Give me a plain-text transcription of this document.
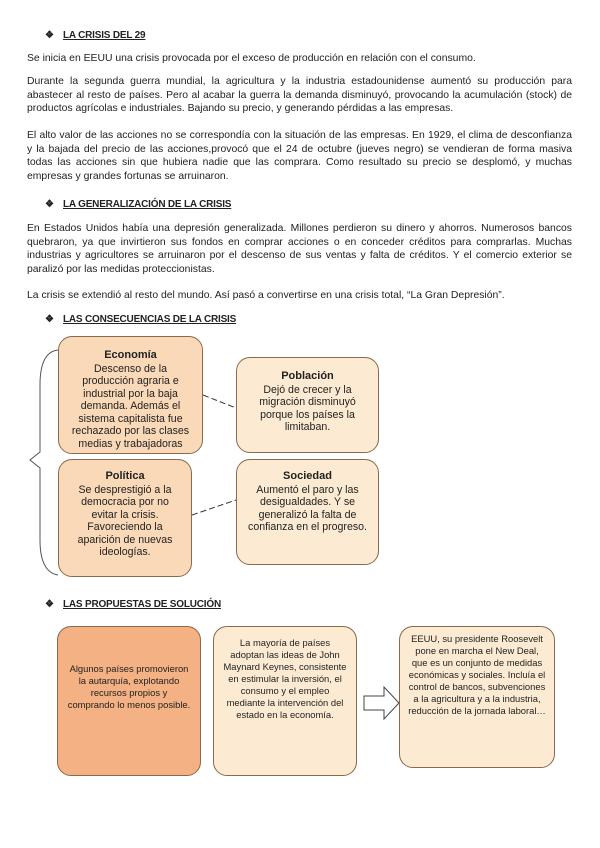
❖ LA CRISIS DEL 29
Se inicia en EEUU una crisis provocada por el exceso de producción en relación con el consumo.
Durante la segunda guerra mundial, la agricultura y la industria estadounidense aumentó su producción para abastecer al resto de países. Pero al acabar la guerra la demanda disminuyó, provocando la acumulación (stock) de productos agrícolas e industriales. Bajando su precio, y generando pérdidas a las empresas.
El alto valor de las acciones no se correspondía con la situación de las empresas. En 1929, el clima de desconfianza y la bajada del precio de las acciones,provocó que el 24 de octubre (jueves negro) se vendieran de forma masiva todas las acciones sin que hubiera nadie que las comprara. Como resultado su precio se desplomó, y muchas empresas y grandes fortunas se arruinaron.
❖ LA GENERALIZACIÓN DE LA CRISIS
En Estados Unidos había una depresión generalizada. Millones perdieron su dinero y ahorros. Numerosos bancos quebraron, ya que invirtieron sus fondos en comprar acciones o en conceder créditos para comprarlas. Muchas industrias y agricultores se arruinaron por el descenso de sus ventas y falta de créditos. Y el comercio exterior se paralizó por las medidas proteccionistas.
La crisis se extendió al resto del mundo. Así pasó a convertirse en una crisis total, “La Gran Depresión”.
❖ LAS CONSECUENCIAS DE LA CRISIS
Economía
Descenso de la producción agraria e industrial por la baja demanda. Además el sistema capitalista fue rechazado por las clases medias y trabajadoras
Población
Dejó de crecer y la migración disminuyó porque los países la limitaban.
Política
Se desprestigió a la democracia por no evitar la crisis. Favoreciendo la aparición de nuevas ideologías.
Sociedad
Aumentó el paro y las desigualdades. Y se generalizó la falta de confianza en el progreso.
❖ LAS PROPUESTAS DE SOLUCIÓN
Algunos países promovieron la autarquía, explotando recursos propios y comprando lo menos posible.
La mayoría de países adoptan las ideas de John Maynard Keynes, consistente en estimular la inversión, el consumo y el empleo mediante la intervención del estado en la economía.
EEUU, su presidente Roosevelt pone en marcha el New Deal, que es un conjunto de medidas económicas y sociales. Incluía el control de bancos, subvenciones a la agricultura y a la industria, reducción de la jornada laboral…
